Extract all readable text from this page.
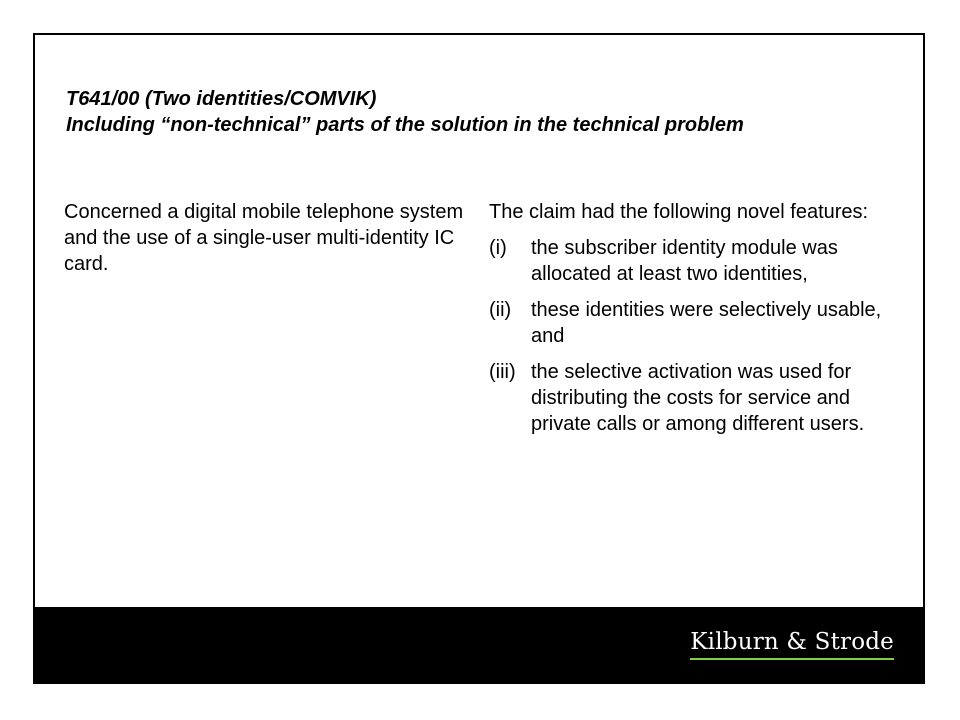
T641/00 (Two identities/COMVIK)
Including “non-technical” parts of the solution in the technical problem

Concerned a digital mobile telephone system and the use of a single-user multi-identity IC card.

The claim had the following novel features:

(i)	the subscriber identity module was allocated at least two identities,
(ii) these identities were selectively usable, and
(iii) the selective activation was used for distributing the costs for service and private calls or among different users.
Kilburn & Strode
